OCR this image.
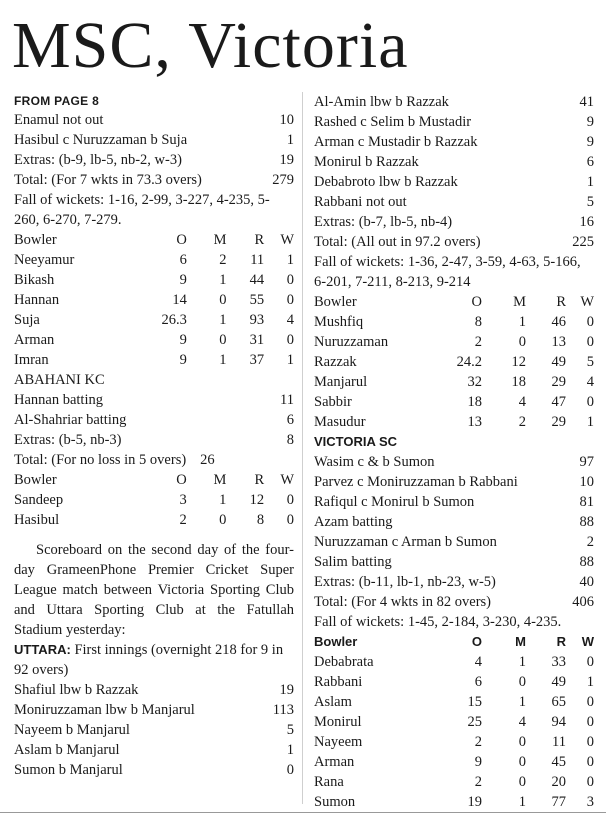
MSC, Victoria
FROM PAGE 8
Enamul not out	10
Hasibul c Nuruzzaman b Suja	1
Extras: (b-9, lb-5, nb-2, w-3)	19
Total: (For 7 wkts in 73.3 overs)	279
Fall of wickets: 1-16, 2-99, 3-227, 4-235, 5-260, 6-270, 7-279.
Bowler	O	M	R	W
Neeyamur	6	2	11	1
Bikash	9	1	44	0
Hannan	14	0	55	0
Suja	26.3	1	93	4
Arman	9	0	31	0
Imran	9	1	37	1
ABAHANI KC
Hannan batting	11
Al-Shahriar batting	6
Extras: (b-5, nb-3)	8
Total: (For no loss in 5 overs) 26
Bowler	O	M	R	W
Sandeep	3	1	12	0
Hasibul	2	0	8	0
Scoreboard on the second day of the four-day GrameenPhone Premier Cricket Super League match between Victoria Sporting Club and Uttara Sporting Club at the Fatullah Stadium yesterday:
UTTARA: First innings (overnight 218 for 9 in 92 overs)
Shafiul lbw b Razzak	19
Moniruzzaman lbw b Manjarul	113
Nayeem b Manjarul	5
Aslam b Manjarul	1
Sumon b Manjarul	0
Al-Amin lbw b Razzak	41
Rashed c Selim b Mustadir	9
Arman c Mustadir b Razzak	9
Monirul b Razzak	6
Debabroto lbw b Razzak	1
Rabbani not out	5
Extras: (b-7, lb-5, nb-4)	16
Total: (All out in 97.2 overs)	225
Fall of wickets: 1-36, 2-47, 3-59, 4-63, 5-166, 6-201, 7-211, 8-213, 9-214
Bowler	O	M	R	W
Mushfiq	8	1	46	0
Nuruzzaman	2	0	13	0
Razzak	24.2	12	49	5
Manjarul	32	18	29	4
Sabbir	18	4	47	0
Masudur	13	2	29	1
VICTORIA SC
Wasim c & b Sumon	97
Parvez c Moniruzzaman b Rabbani	10
Rafiqul c Monirul b Sumon	81
Azam batting	88
Nuruzzaman c Arman b Sumon	2
Salim batting	88
Extras: (b-11, lb-1, nb-23, w-5)	40
Total: (For 4 wkts in 82 overs)	406
Fall of wickets: 1-45, 2-184, 3-230, 4-235.
Bowler	O	M	R	W
Debabrata	4	1	33	0
Rabbani	6	0	49	1
Aslam	15	1	65	0
Monirul	25	4	94	0
Nayeem	2	0	11	0
Arman	9	0	45	0
Rana	2	0	20	0
Sumon	19	1	77	3
